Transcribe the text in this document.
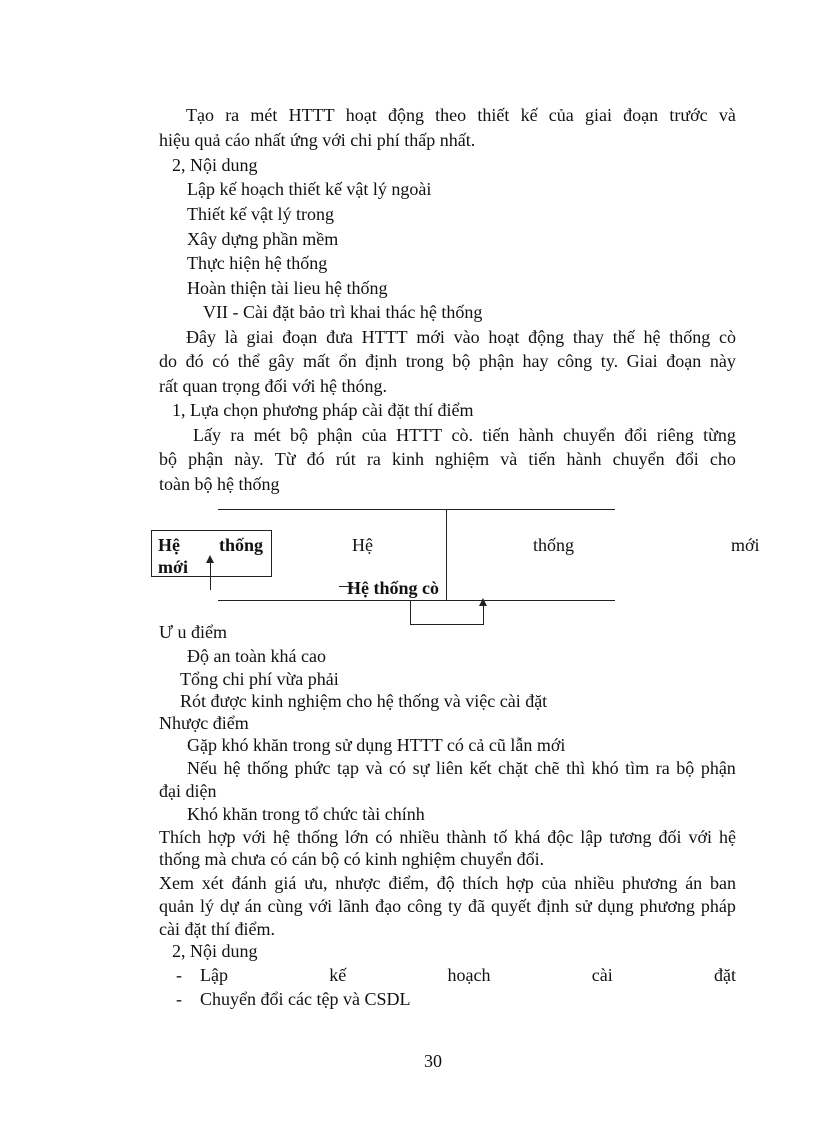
Tạo ra mét HTTT hoạt động theo thiết kế của giai đoạn trước và
hiệu quả cáo nhất ứng với chi phí thấp nhất.
2, Nội dung
Lập kế hoạch thiết kế vật lý ngoài
Thiết kế vật lý trong
Xây dựng phần mềm
Thực hiện hệ thống
Hoàn thiện tài lieu hệ thống
VII - Cài đặt bảo trì khai thác hệ thống
Đây là giai đoạn đưa HTTT mới vào hoạt động thay thế hệ thống cò
do đó có thể gây mất ổn định trong bộ phận hay công ty. Giai đoạn này
rất quan trọng đối với hệ thóng.
1, Lựa chọn phương pháp cài đặt thí điểm
Lấy ra mét bộ phận của HTTT cò. tiến hành chuyển đổi riêng từng
bộ phận này. Từ đó rút ra kinh nghiệm và tiến hành chuyển đổi cho
toàn bộ hệ thống
Hệ thống
mới
Hệ	thống	mới
Hệ thống cò
Ư u điểm
Độ an toàn khá cao
Tổng chi phí vừa phải
Rót được kinh nghiệm cho hệ thống và việc cài đặt
Nhược điểm
Gặp khó khăn trong sử dụng HTTT có cả cũ lẫn mới
Nếu hệ thống phức tạp và có sự liên kết chặt chẽ thì khó tìm ra bộ phận
đại diện
Khó khăn trong tổ chức tài chính
Thích hợp với hệ thống lớn có nhiều thành tố khá độc lập tương đối với hệ
thống mà chưa có cán bộ có kinh nghiệm chuyển đổi.
Xem xét đánh giá ưu, nhược điểm, độ thích hợp của nhiều phương án ban
quản lý dự án cùng với lãnh đạo công ty đã quyết định sử dụng phương pháp
cài đặt thí điểm.
2, Nội dung
- Lập	kế	hoạch	cài	đặt
- Chuyển đổi các tệp và CSDL
30
